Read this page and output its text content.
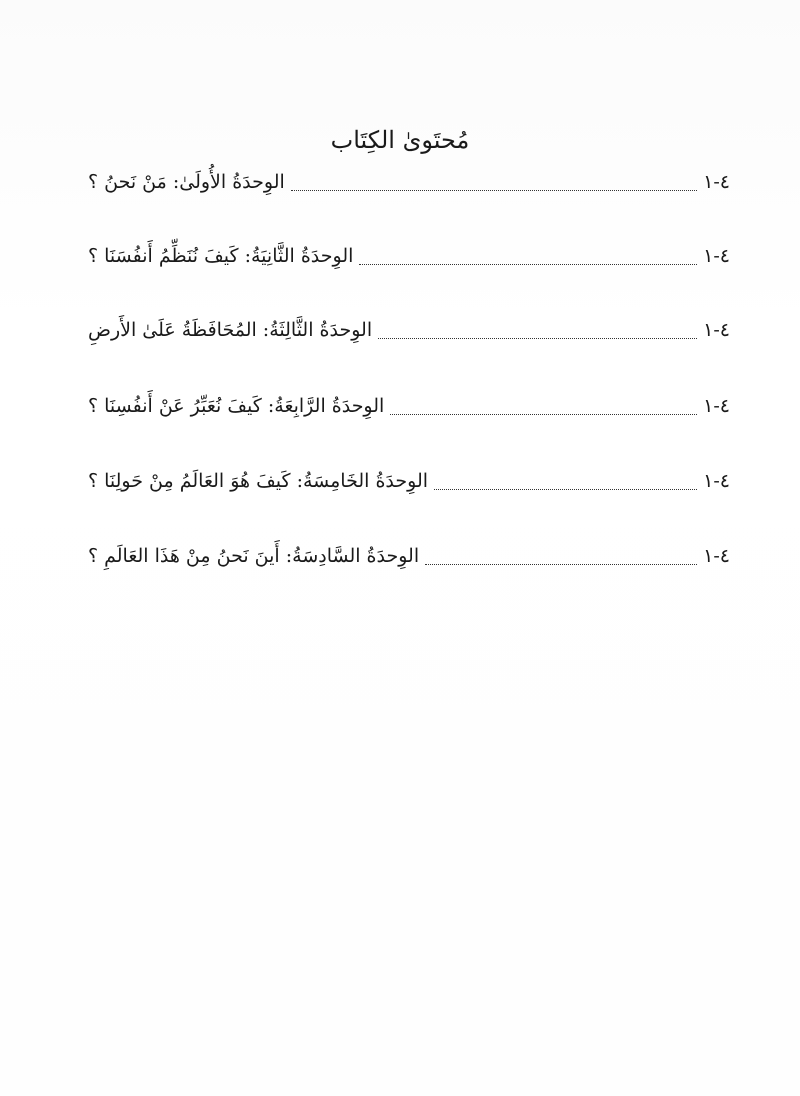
مُحتَوىٰ الكِتَاب
الوِحدَةُ الأُولَىٰ: مَنْ نَحنُ ؟	٤-١
الوِحدَةُ الثَّانِيَةُ: كَيفَ نُنَظِّمُ أَنفُسَنَا ؟	٤-١
الوِحدَةُ الثَّالِثَةُ: المُحَافَظَةُ عَلَىٰ الأَرضِ	٤-١
الوِحدَةُ الرَّابِعَةُ: كَيفَ نُعَبِّرُ عَنْ أَنفُسِنَا ؟	٤-١
الوِحدَةُ الخَامِسَةُ: كَيفَ هُوَ العَالَمُ مِنْ حَولِنَا ؟	٤-١
الوِحدَةُ السَّادِسَةُ: أَينَ نَحنُ مِنْ هَذَا العَالَمِ ؟	٤-١
